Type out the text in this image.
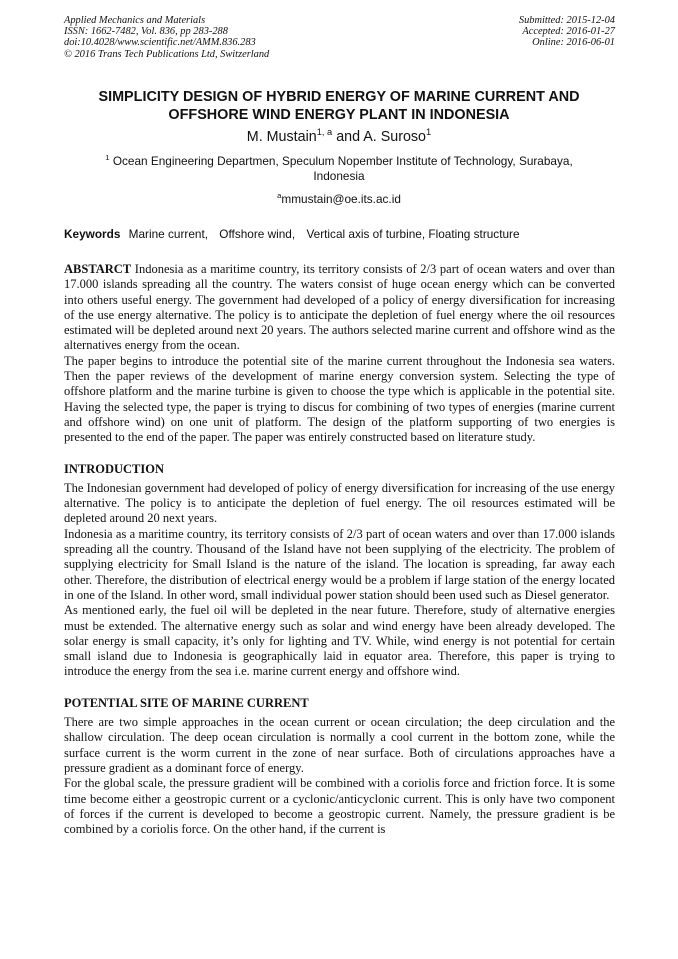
Applied Mechanics and Materials
ISSN: 1662-7482, Vol. 836, pp 283-288
doi:10.4028/www.scientific.net/AMM.836.283
© 2016 Trans Tech Publications Ltd, Switzerland
Submitted: 2015-12-04
Accepted: 2016-01-27
Online: 2016-06-01
SIMPLICITY DESIGN OF HYBRID ENERGY OF MARINE CURRENT AND
OFFSHORE WIND ENERGY PLANT IN INDONESIA
M. Mustain$^{1, a}$ and A. Suroso$^1$
$^1$ Ocean Engineering Departmen, Speculum Nopember Institute of Technology, Surabaya,
Indonesia
$^a$mmustain@oe.its.ac.id
Keywords Marine current, Offshore wind, Vertical axis of turbine, Floating structure

ABSTARCT Indonesia as a maritime country, its territory consists of 2/3 part of ocean waters and over than 17.000 islands spreading all the country. The waters consist of huge ocean energy which can be converted into others useful energy. The government had developed of a policy of energy diversification for increasing of the use energy alternative. The policy is to anticipate the depletion of fuel energy where the oil resources estimated will be depleted around next 20 years. The authors selected marine current and offshore wind as the alternatives energy from the ocean.

The paper begins to introduce the potential site of the marine current throughout the Indonesia sea waters. Then the paper reviews of the development of marine energy conversion system. Selecting the type of offshore platform and the marine turbine is given to choose the type which is applicable in the potential site. Having the selected type, the paper is trying to discus for combining of two types of energies (marine current and offshore wind) on one unit of platform. The design of the platform supporting of two energies is presented to the end of the paper. The paper was entirely constructed based on literature study.

INTRODUCTION

The Indonesian government had developed of policy of energy diversification for increasing of the use energy alternative. The policy is to anticipate the depletion of fuel energy. The oil resources estimated will be depleted around 20 next years.

Indonesia as a maritime country, its territory consists of 2/3 part of ocean waters and over than 17.000 islands spreading all the country. Thousand of the Island have not been supplying of the electricity. The problem of supplying electricity for Small Island is the nature of the island. The location is spreading, far away each other. Therefore, the distribution of electrical energy would be a problem if large station of the energy located in one of the Island. In other word, small individual power station should been used such as Diesel generator.

As mentioned early, the fuel oil will be depleted in the near future. Therefore, study of alternative energies must be extended. The alternative energy such as solar and wind energy have been already developed. The solar energy is small capacity, it’s only for lighting and TV. While, wind energy is not potential for certain small island due to Indonesia is geographically laid in equator area. Therefore, this paper is trying to introduce the energy from the sea i.e. marine current energy and offshore wind.

POTENTIAL SITE OF MARINE CURRENT

There are two simple approaches in the ocean current or ocean circulation; the deep circulation and the shallow circulation. The deep ocean circulation is normally a cool current in the bottom zone, while the surface current is the worm current in the zone of near surface. Both of circulations approaches have a pressure gradient as a dominant force of energy.

For the global scale, the pressure gradient will be combined with a coriolis force and friction force. It is some time become either a geostropic current or a cyclonic/anticyclonic current. This is only have two component of forces if the current is developed to become a geostropic current. Namely, the pressure gradient is be combined by a coriolis force. On the other hand, if the current is
